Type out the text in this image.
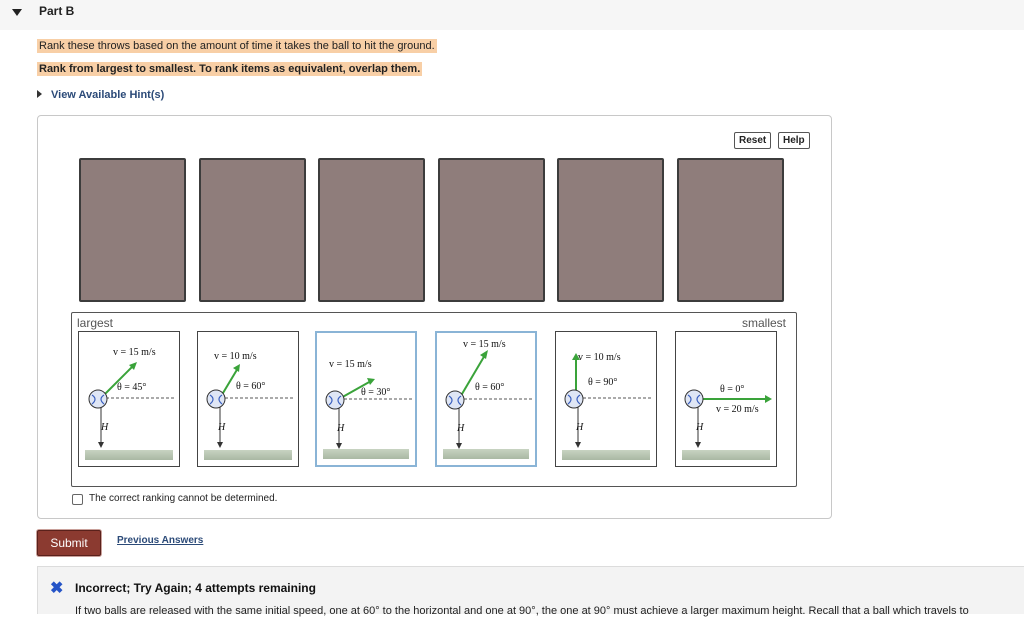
Part B
Rank these throws based on the amount of time it takes the ball to hit the ground.
Rank from largest to smallest. To rank items as equivalent, overlap them.
View Available Hint(s)
Reset	Help
largest	smallest
v = 15 m/s
θ = 45°
H
v = 10 m/s
θ = 60°
H
v = 15 m/s
θ = 30°
H
v = 15 m/s
θ = 60°
H
v = 10 m/s
θ = 90°
H
θ = 0°
v = 20 m/s
H
The correct ranking cannot be determined.
Submit	Previous Answers
✖ Incorrect; Try Again; 4 attempts remaining
If two balls are released with the same initial speed, one at 60° to the horizontal and one at 90°, the one at 90° must achieve a larger maximum height. Recall that a ball which travels to
